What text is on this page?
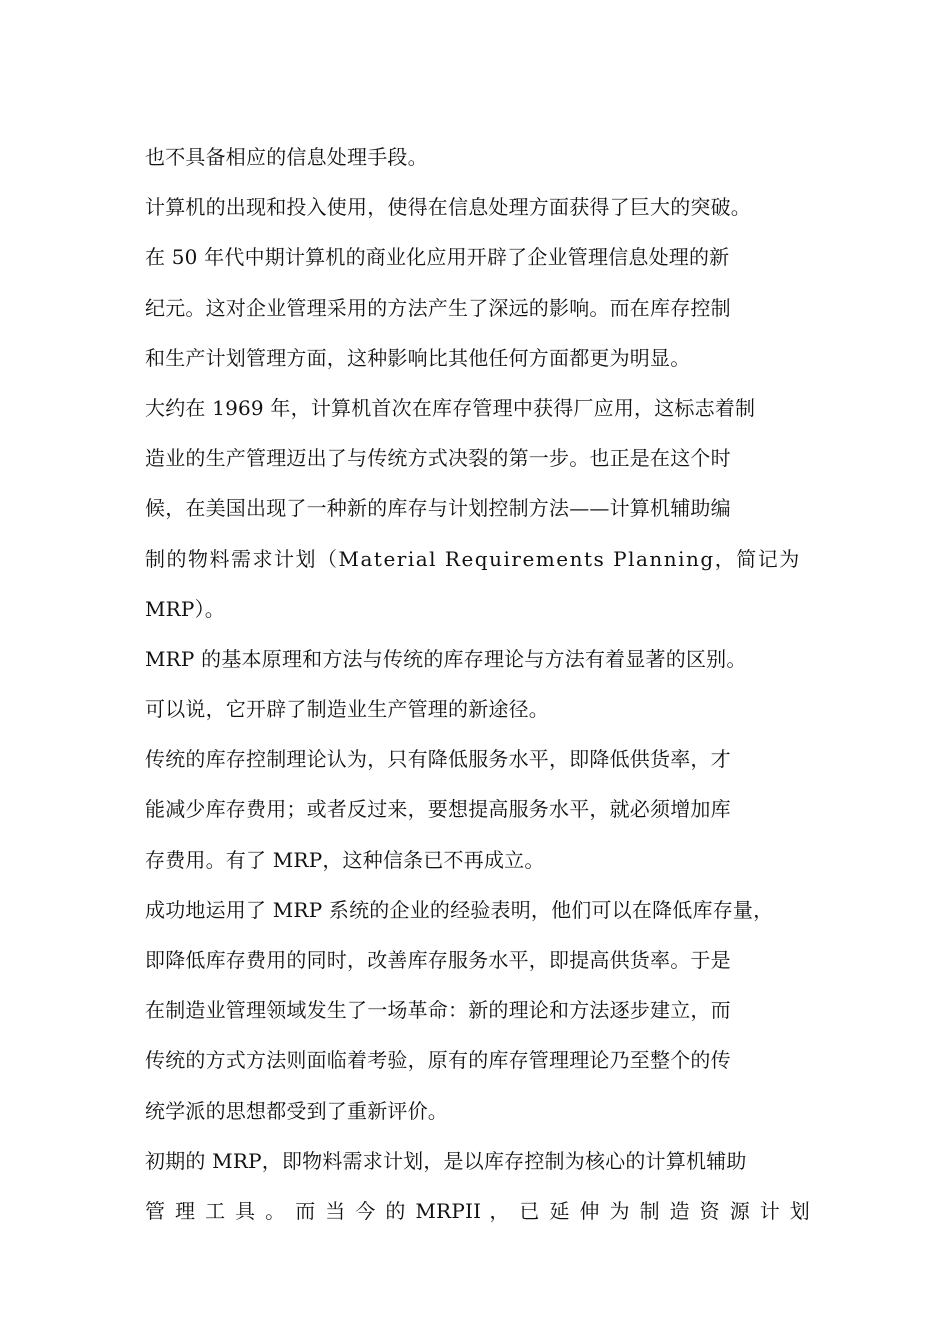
也不具备相应的信息处理手段。
计算机的出现和投入使用，使得在信息处理方面获得了巨大的突破。
在 50 年代中期计算机的商业化应用开辟了企业管理信息处理的新
纪元。这对企业管理采用的方法产生了深远的影响。而在库存控制
和生产计划管理方面，这种影响比其他任何方面都更为明显。
大约在 1969 年，计算机首次在库存管理中获得厂应用，这标志着制
造业的生产管理迈出了与传统方式决裂的第一步。也正是在这个时
候，在美国出现了一种新的库存与计划控制方法——计算机辅助编
制的物料需求计划（Material Requirements Planning，简记为
MRP）。
MRP 的基本原理和方法与传统的库存理论与方法有着显著的区别。
可以说，它开辟了制造业生产管理的新途径。
传统的库存控制理论认为，只有降低服务水平，即降低供货率，才
能减少库存费用；或者反过来，要想提高服务水平，就必须增加库
存费用。有了 MRP，这种信条已不再成立。
成功地运用了 MRP 系统的企业的经验表明，他们可以在降低库存量，
即降低库存费用的同时，改善库存服务水平，即提高供货率。于是
在制造业管理领域发生了一场革命：新的理论和方法逐步建立，而
传统的方式方法则面临着考验，原有的库存管理理论乃至整个的传
统学派的思想都受到了重新评价。
初期的 MRP，即物料需求计划，是以库存控制为核心的计算机辅助
管 理 工 具 。 而 当 今 的 MRPII ， 已 延 伸 为 制 造 资 源 计 划
